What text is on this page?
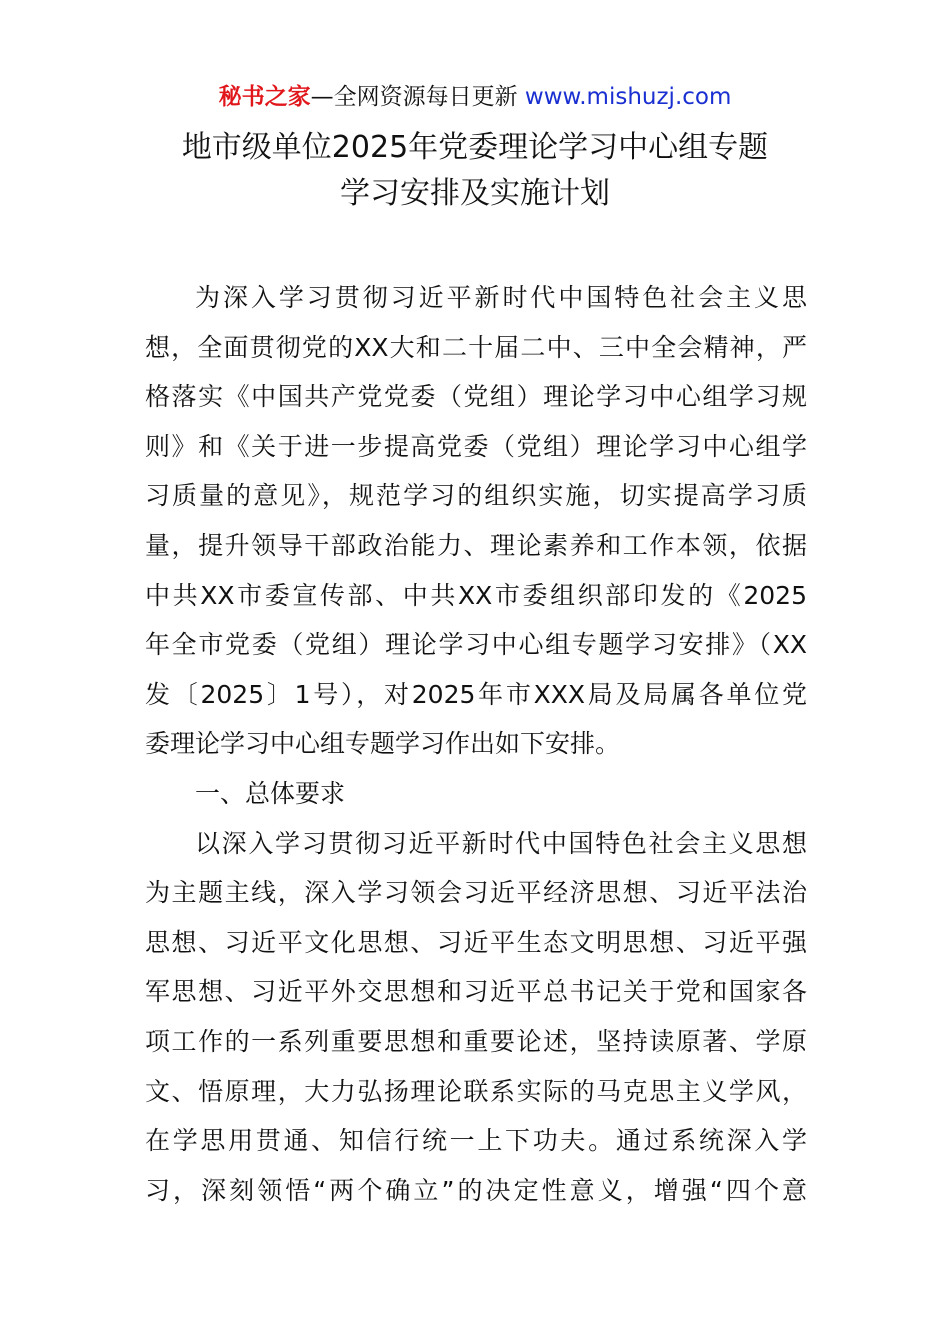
秘书之家—全网资源每日更新 www.mishuzj.com
地市级单位2025年党委理论学习中心组专题
学习安排及实施计划
为深入学习贯彻习近平新时代中国特色社会主义思
想，全面贯彻党的XX大和二十届二中、三中全会精神，严
格落实《中国共产党党委（党组）理论学习中心组学习规
则》和《关于进一步提高党委（党组）理论学习中心组学
习质量的意见》，规范学习的组织实施，切实提高学习质
量，提升领导干部政治能力、理论素养和工作本领，依据
中共XX市委宣传部、中共XX市委组织部印发的《2025
年全市党委（党组）理论学习中心组专题学习安排》（XX
发〔2025〕1号），对2025年市XXX局及局属各单位党
委理论学习中心组专题学习作出如下安排。
一、总体要求
以深入学习贯彻习近平新时代中国特色社会主义思想
为主题主线，深入学习领会习近平经济思想、习近平法治
思想、习近平文化思想、习近平生态文明思想、习近平强
军思想、习近平外交思想和习近平总书记关于党和国家各
项工作的一系列重要思想和重要论述，坚持读原著、学原
文、悟原理，大力弘扬理论联系实际的马克思主义学风，
在学思用贯通、知信行统一上下功夫。通过系统深入学
习，深刻领悟“两个确立”的决定性意义，增强“四个意
